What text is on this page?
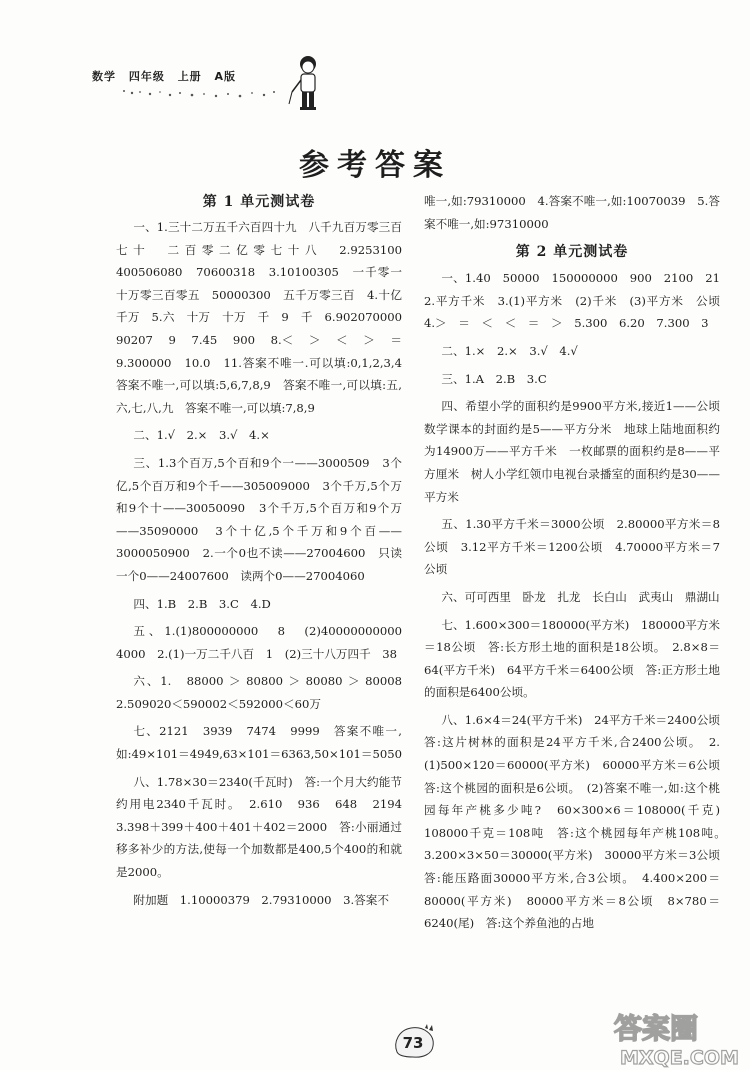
数学 四年级 上册 A版
参考答案
第 1 单元测试卷

一、1.三十二万五千六百四十九　八千九百万零三百七十　二百零二亿零七十八　2.9253100　400506080　70600318　3.10100305　一千零一十万零三百零五　50000300　五千万零三百　4.十亿　千万　5.六　十万　十万　千　9　千　6.902070000　90207　9　7.45　900　8.＜　＞　＜　＞　＝　9.300000　10.0　11.答案不唯一.可以填:0,1,2,3,4　答案不唯一,可以填:5,6,7,8,9　答案不唯一,可以填:五,六,七,八,九　答案不唯一,可以填:7,8,9

二、1.√　2.×　3.√　4.×

三、1.3个百万,5个百和9个一——3000509　3个亿,5个百万和9个千——305009000　3个千万,5个万和9个十——30050090　3个千万,5个百万和9个万——35090000　3个十亿,5个千万和9个百——3000050900　2.一个0也不读——27004600　只读一个0——24007600　读两个0——27004060

四、1.B　2.B　3.C　4.D

五、1.(1)800000000　8　(2)40000000000　4000　2.(1)一万二千八百　1　(2)三十八万四千　38

六、1.　88000 ＞ 80800 ＞ 80080 ＞ 80008　2.509020＜590002＜592000＜60万

七、2121　3939　7474　9999　答案不唯一,如:49×101＝4949,63×101＝6363,50×101＝5050

八、1.78×30＝2340(千瓦时)　答:一个月大约能节约用电2340千瓦时。　2.610　936　648　2194　3.398＋399＋400＋401＋402＝2000　答:小丽通过移多补少的方法,使每一个加数都是400,5个400的和就是2000。

附加题　1.10000379　2.79310000　3.答案不

唯一,如:79310000　4.答案不唯一,如:10070039　5.答案不唯一,如:97310000

第 2 单元测试卷

一、1.40　50000　150000000　900　2100　21　2.平方千米　3.(1)平方米　(2)千米　(3)平方米　公顷　4.＞　＝　＜　＜　＝　＞　5.300　6.20　7.300　3

二、1.×　2.×　3.√　4.√

三、1.A　2.B　3.C

四、希望小学的面积约是9900平方米,接近1——公顷　数学课本的封面约是5——平方分米　地球上陆地面积约为14900万——平方千米　一枚邮票的面积约是8——平方厘米　树人小学红领巾电视台录播室的面积约是30——平方米

五、1.30平方千米＝3000公顷　2.80000平方米＝8公顷　3.12平方千米＝1200公顷　4.70000平方米＝7公顷

六、可可西里　卧龙　扎龙　长白山　武夷山　鼎湖山

七、1.600×300＝180000(平方米)　180000平方米＝18公顷　答:长方形土地的面积是18公顷。　2.8×8＝64(平方千米)　64平方千米＝6400公顷　答:正方形土地的面积是6400公顷。

八、1.6×4＝24(平方千米)　24平方千米＝2400公顷　答:这片树林的面积是24平方千米,合2400公顷。　2.(1)500×120＝60000(平方米)　60000平方米＝6公顷　答:这个桃园的面积是6公顷。　(2)答案不唯一,如:这个桃园每年产桃多少吨?　60×300×6＝108000(千克)　108000千克＝108吨　答:这个桃园每年产桃108吨。　3.200×3×50＝30000(平方米)　30000平方米＝3公顷　答:能压路面30000平方米,合3公顷。　4.400×200＝80000(平方米)　80000平方米＝8公顷　8×780＝6240(尾)　答:这个养鱼池的占地

73	答案圈
MXQE.COM
